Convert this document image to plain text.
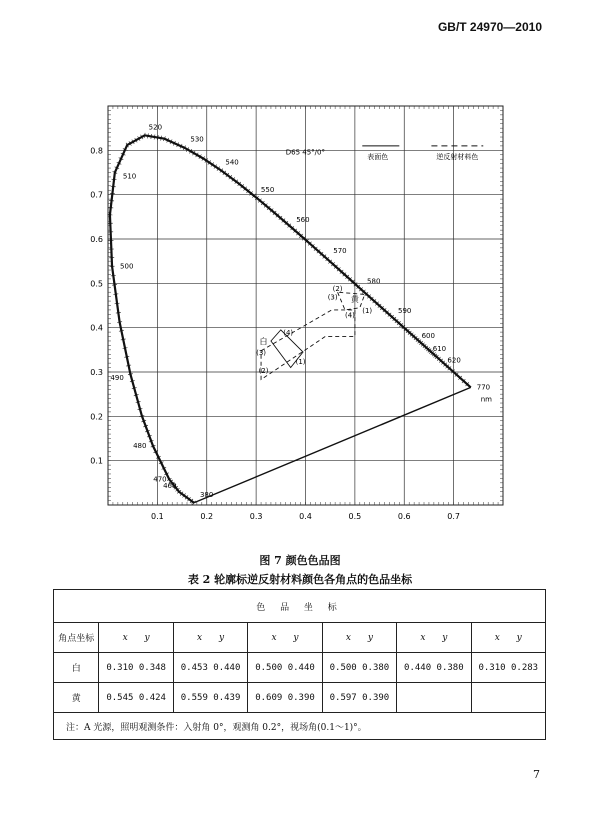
GB/T 24970—2010
0.1	0.2	0.3	0.4	0.5	0.6	0.7
0.1
0.2
0.3
0.4
0.5
0.6
0.7
0.8
380
460
470
480
490
500
510
520
530
540
550
560
570
580
590
600
610
620
770
nm
(1)
(2)
(3)
(4)
(1)
(2)
(3)
(4)
白
黄
D65 45°/0°
表面色	逆反射材料色
图 7 颜色色品图
表 2 轮廓标逆反射材料颜色各角点的色品坐标
色 品 坐 标						
角点坐标	x y	x y	x y	x y	x y	x y
白	0.310 0.348	0.453 0.440	0.500 0.440	0.500 0.380	0.440 0.380	0.310 0.283
黄	0.545 0.424	0.559 0.439	0.609 0.390	0.597 0.390		
注：A 光源，照明观测条件：入射角 0°，观测角 0.2°，视场角(0.1～1)°。						
7
